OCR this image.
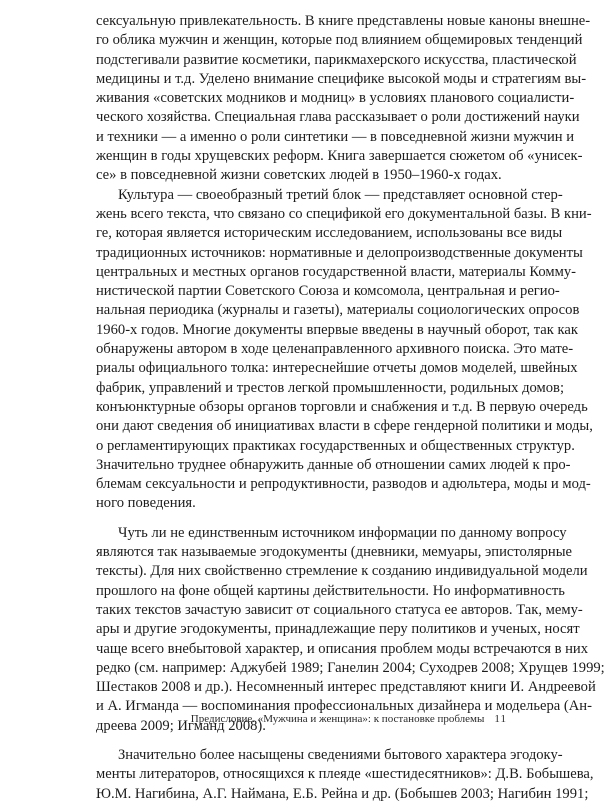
сексуальную привлекательность. В книге представлены новые каноны внешне-
го облика мужчин и женщин, которые под влиянием общемировых тенденций
подстегивали развитие косметики, парикмахерского искусства, пластической
медицины и т.д. Уделено внимание специфике высокой моды и стратегиям вы-
живания «советских модников и модниц» в условиях планового социалисти-
ческого хозяйства. Специальная глава рассказывает о роли достижений науки
и техники — а именно о роли синтетики — в повседневной жизни мужчин и
женщин в годы хрущевских реформ. Книга завершается сюжетом об «унисек-
се» в повседневной жизни советских людей в 1950–1960-х годах.
Культура — своеобразный третий блок — представляет основной стер-
жень всего текста, что связано со спецификой его документальной базы. В кни-
ге, которая является историческим исследованием, использованы все виды
традиционных источников: нормативные и делопроизводственные документы
центральных и местных органов государственной власти, материалы Комму-
нистической партии Советского Союза и комсомола, центральная и регио-
нальная периодика (журналы и газеты), материалы социологических опросов
1960-х годов. Многие документы впервые введены в научный оборот, так как
обнаружены автором в ходе целенаправленного архивного поиска. Это мате-
риалы официального толка: интереснейшие отчеты домов моделей, швейных
фабрик, управлений и трестов легкой промышленности, родильных домов;
конъюнктурные обзоры органов торговли и снабжения и т.д. В первую очередь
они дают сведения об инициативах власти в сфере гендерной политики и моды,
о регламентирующих практиках государственных и общественных структур.
Значительно труднее обнаружить данные об отношении самих людей к про-
блемам сексуальности и репродуктивности, разводов и адюльтера, моды и мод-
ного поведения.
Чуть ли не единственным источником информации по данному вопросу
являются так называемые эгодокументы (дневники, мемуары, эпистолярные
тексты). Для них свойственно стремление к созданию индивидуальной модели
прошлого на фоне общей картины действительности. Но информативность
таких текстов зачастую зависит от социального статуса ее авторов. Так, мему-
ары и другие эгодокументы, принадлежащие перу политиков и ученых, носят
чаще всего внебытовой характер, и описания проблем моды встречаются в них
редко (см. например: Аджубей 1989; Ганелин 2004; Суходрев 2008; Хрущев 1999;
Шестаков 2008 и др.). Несомненный интерес представляют книги И. Андреевой
и А. Игманда — воспоминания профессиональных дизайнера и модельера (Ан-
дреева 2009; Игманд 2008).
Значительно более насыщены сведениями бытового характера эгодоку-
менты литераторов, относящихся к плеяде «шестидесятников»: Д.В. Бобышева,
Ю.М. Нагибина, А.Г. Наймана, Е.Б. Рейна и др. (Бобышев 2003; Нагибин 1991;
Предисловие. «Мужчина и женщина»: к постановке проблемы 11
